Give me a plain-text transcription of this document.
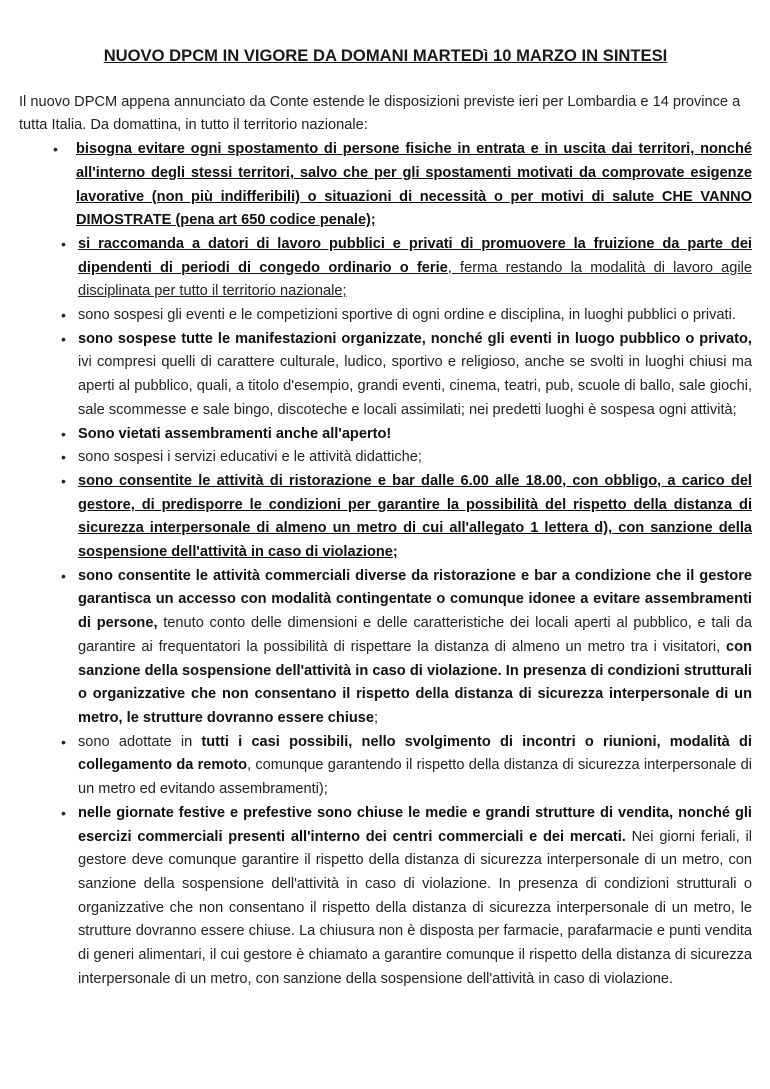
NUOVO DPCM IN VIGORE DA DOMANI MARTEDì 10 MARZO IN SINTESI
Il nuovo DPCM appena annunciato da Conte estende le disposizioni previste ieri per Lombardia e 14 province a tutta Italia. Da domattina, in tutto il territorio nazionale:
• bisogna evitare ogni spostamento di persone fisiche in entrata e in uscita dai territori, nonché all'interno degli stessi territori, salvo che per gli spostamenti motivati da comprovate esigenze lavorative (non più indifferibili) o situazioni di necessità o per motivi di salute CHE VANNO DIMOSTRATE (pena art 650 codice penale);
• si raccomanda a datori di lavoro pubblici e privati di promuovere la fruizione da parte dei dipendenti di periodi di congedo ordinario o ferie, ferma restando la modalità di lavoro agile disciplinata per tutto il territorio nazionale;
• sono sospesi gli eventi e le competizioni sportive di ogni ordine e disciplina, in luoghi pubblici o privati.
• sono sospese tutte le manifestazioni organizzate, nonché gli eventi in luogo pubblico o privato, ivi compresi quelli di carattere culturale, ludico, sportivo e religioso, anche se svolti in luoghi chiusi ma aperti al pubblico, quali, a titolo d'esempio, grandi eventi, cinema, teatri, pub, scuole di ballo, sale giochi, sale scommesse e sale bingo, discoteche e locali assimilati; nei predetti luoghi è sospesa ogni attività;
• Sono vietati assembramenti anche all'aperto!
• sono sospesi i servizi educativi e le attività didattiche;
• sono consentite le attività di ristorazione e bar dalle 6.00 alle 18.00, con obbligo, a carico del gestore, di predisporre le condizioni per garantire la possibilità del rispetto della distanza di sicurezza interpersonale di almeno un metro di cui all'allegato 1 lettera d), con sanzione della sospensione dell'attività in caso di violazione;
• sono consentite le attività commerciali diverse da ristorazione e bar a condizione che il gestore garantisca un accesso con modalità contingentate o comunque idonee a evitare assembramenti di persone, tenuto conto delle dimensioni e delle caratteristiche dei locali aperti al pubblico, e tali da garantire ai frequentatori la possibilità di rispettare la distanza di almeno un metro tra i visitatori, con sanzione della sospensione dell'attività in caso di violazione. In presenza di condizioni strutturali o organizzative che non consentano il rispetto della distanza di sicurezza interpersonale di un metro, le strutture dovranno essere chiuse;
• sono adottate in tutti i casi possibili, nello svolgimento di incontri o riunioni, modalità di collegamento da remoto, comunque garantendo il rispetto della distanza di sicurezza interpersonale di un metro ed evitando assembramenti);
• nelle giornate festive e prefestive sono chiuse le medie e grandi strutture di vendita, nonché gli esercizi commerciali presenti all'interno dei centri commerciali e dei mercati. Nei giorni feriali, il gestore deve comunque garantire il rispetto della distanza di sicurezza interpersonale di un metro, con sanzione della sospensione dell'attività in caso di violazione. In presenza di condizioni strutturali o organizzative che non consentano il rispetto della distanza di sicurezza interpersonale di un metro, le strutture dovranno essere chiuse. La chiusura non è disposta per farmacie, parafarmacie e punti vendita di generi alimentari, il cui gestore è chiamato a garantire comunque il rispetto della distanza di sicurezza interpersonale di un metro, con sanzione della sospensione dell'attività in caso di violazione.
